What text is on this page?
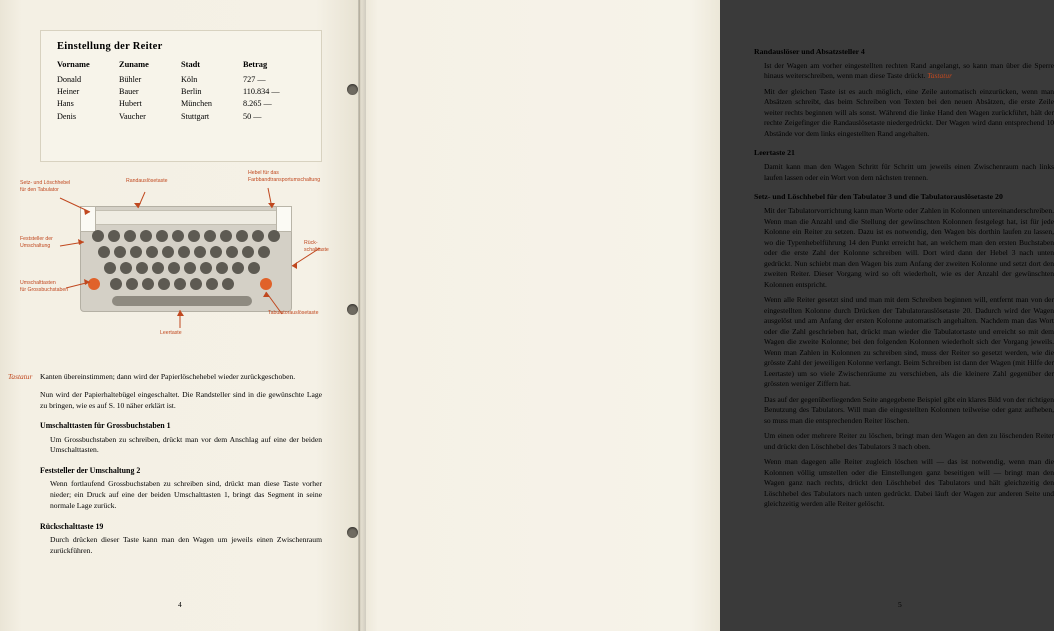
Einstellung der Reiter
Vorname	Zuname	Stadt	Betrag
Donald	Bühler	Köln	727 —
Heiner	Bauer	Berlin	110.834 —
Hans	Hubert	München	8.265 —
Denis	Vaucher	Stuttgart	50 —
Setz- und Löschhebel
für den Tabulator
Randauslösetaste
Hebel für das
Farbbandtransportumschaltung
Feststeller der
Umschaltung
Rück-
schalttaste
Umschalttasten
für Grossbuchstaben
Tabulatorauslösetaste
Leertaste
Tastatur	Kanten übereinstimmen; dann wird der Papierlöschehebel wieder zurückgeschoben.

Nun wird der Papierhaltebügel eingeschaltet. Die Randsteller sind in die gewünschte Lage zu bringen, wie es auf S. 10 näher erklärt ist.

Umschalttasten für Grossbuchstaben 1

Um Grossbuchstaben zu schreiben, drückt man vor dem Anschlag auf eine der beiden Umschalttasten.

Feststeller der Umschaltung 2

Wenn fortlaufend Grossbuchstaben zu schreiben sind, drückt man diese Taste vorher nieder; ein Druck auf eine der beiden Umschalttasten 1, bringt das Segment in seine normale Lage zurück.

Rückschalttaste 19

Durch drücken dieser Taste kann man den Wagen um jeweils einen Zwischenraum zurückführen.

4
Randauslöser und Absatzsteller 4

Ist der Wagen am vorher eingestellten rechten Rand angelangt, so kann man über die Sperre hinaus weiterschreiben, wenn man diese Taste drückt. Tastatur

Mit der gleichen Taste ist es auch möglich, eine Zeile automatisch einzurücken, wenn man Absätzen schreibt, das beim Schreiben von Texten bei den neuen Absätzen, die erste Zeile weiter rechts beginnen will als sonst. Während die linke Hand den Wagen zurückführt, hält der rechte Zeigefinger die Randauslösetaste niedergedrückt. Der Wagen wird dann entsprechend 10 Abstände vor dem links eingestellten Rand angehalten.

Leertaste 21

Damit kann man den Wagen Schritt für Schritt um jeweils einen Zwischenraum nach links laufen lassen oder ein Wort von dem nächsten trennen.

Setz- und Löschhebel für den Tabulator 3 und die Tabulatorauslösetaste 20

Mit der Tabulatorvorrichtung kann man Worte oder Zahlen in Kolonnen untereinanderschreiben. Wenn man die Anzahl und die Stellung der gewünschten Kolonnen festgelegt hat, ist für jede Kolonne ein Reiter zu setzen. Dazu ist es notwendig, den Wagen bis dorthin laufen zu lassen, wo die Typenhebelführung 14 den Punkt erreicht hat, an welchem man den ersten Buchstaben oder die erste Zahl der Kolonne schreiben will. Dort wird dann der Hebel 3 nach unten gedrückt. Nun schiebt man den Wagen bis zum Anfang der zweiten Kolonne und setzt dort den zweiten Reiter. Dieser Vorgang wird so oft wiederholt, wie es der Anzahl der gewünschten Kolonnen entspricht.

Wenn alle Reiter gesetzt sind und man mit dem Schreiben beginnen will, entfernt man von der eingestellten Kolonne durch Drücken der Tabulatorauslösetaste 20. Dadurch wird der Wagen ausgelöst und am Anfang der ersten Kolonne automatisch angehalten. Nachdem man das Wort oder die Zahl geschrieben hat, drückt man wieder die Tabulatortaste und erreicht so mit dem Wagen die zweite Kolonne; bei den folgenden Kolonnen wiederholt sich der Vorgang jeweils. Wenn man Zahlen in Kolonnen zu schreiben sind, muss der Reiter so gesetzt werden, wie die grösste Zahl der jeweiligen Kolonne verlangt. Beim Schreiben ist dann der Wagen (mit Hilfe der Leertaste) um so viele Zwischenräume zu verschieben, als die kleinere Zahl gegenüber der grössten weniger Ziffern hat.

Das auf der gegenüberliegenden Seite angegebene Beispiel gibt ein klares Bild von der richtigen Benutzung des Tabulators. Will man die eingestellten Kolonnen teilweise oder ganz aufheben, so muss man die entsprechenden Reiter löschen.

Um einen oder mehrere Reiter zu löschen, bringt man den Wagen an den zu löschenden Reiter und drückt den Löschhebel des Tabulators 3 nach oben.

Wenn man dagegen alle Reiter zugleich löschen will — das ist notwendig, wenn man die Kolonnen völlig umstellen oder die Einstellungen ganz beseitigen will — bringt man den Wagen ganz nach rechts, drückt den Löschhebel des Tabulators und hält gleichzeitig den Löschhebel des Tabulators nach unten gedrückt. Dabei läuft der Wagen zur anderen Seite und gleichzeitig werden alle Reiter gelöscht.

5
